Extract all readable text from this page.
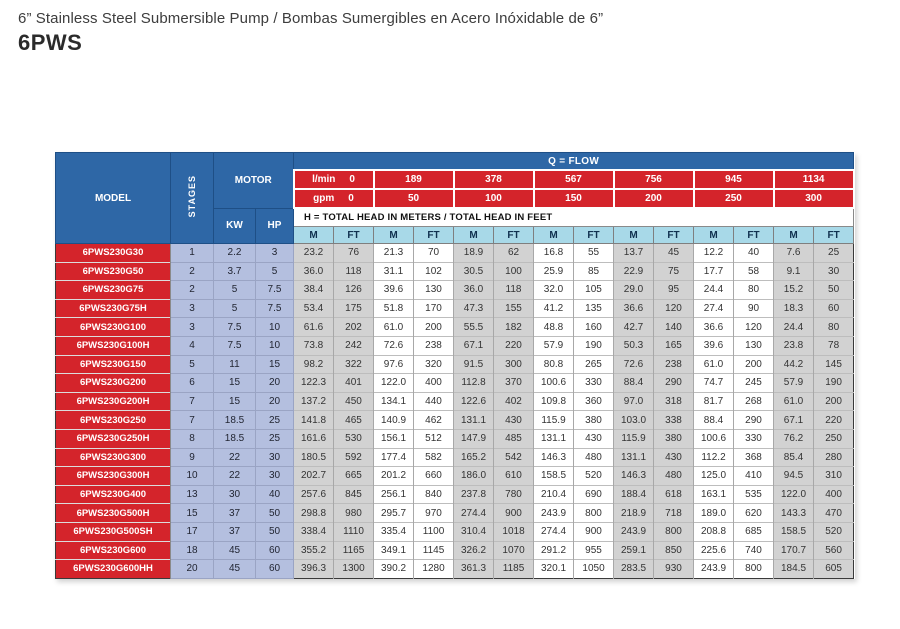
6” Stainless Steel Submersible Pump / Bombas Sumergibles en Acero Inóxidable de 6”
6PWS
MODEL	STAGES	MOTOR		Q = FLOW													

				l/min 0		189		378		567		756		945		1134	

				gpm 0		50		100		150		200		250		300	
		KW	HP	H = TOTAL HEAD IN METERS / TOTAL HEAD IN FEET													
				M	FT	M	FT	M	FT	M	FT	M	FT	M	FT	M	FT
6PWS230G30	1	2.2	3	23.2	76	21.3	70	18.9	62	16.8	55	13.7	45	12.2	40	7.6	25
6PWS230G50	2	3.7	5	36.0	118	31.1	102	30.5	100	25.9	85	22.9	75	17.7	58	9.1	30
6PWS230G75	2	5	7.5	38.4	126	39.6	130	36.0	118	32.0	105	29.0	95	24.4	80	15.2	50
6PWS230G75H	3	5	7.5	53.4	175	51.8	170	47.3	155	41.2	135	36.6	120	27.4	90	18.3	60
6PWS230G100	3	7.5	10	61.6	202	61.0	200	55.5	182	48.8	160	42.7	140	36.6	120	24.4	80
6PWS230G100H	4	7.5	10	73.8	242	72.6	238	67.1	220	57.9	190	50.3	165	39.6	130	23.8	78
6PWS230G150	5	11	15	98.2	322	97.6	320	91.5	300	80.8	265	72.6	238	61.0	200	44.2	145
6PWS230G200	6	15	20	122.3	401	122.0	400	112.8	370	100.6	330	88.4	290	74.7	245	57.9	190
6PWS230G200H	7	15	20	137.2	450	134.1	440	122.6	402	109.8	360	97.0	318	81.7	268	61.0	200
6PWS230G250	7	18.5	25	141.8	465	140.9	462	131.1	430	115.9	380	103.0	338	88.4	290	67.1	220
6PWS230G250H	8	18.5	25	161.6	530	156.1	512	147.9	485	131.1	430	115.9	380	100.6	330	76.2	250
6PWS230G300	9	22	30	180.5	592	177.4	582	165.2	542	146.3	480	131.1	430	112.2	368	85.4	280
6PWS230G300H	10	22	30	202.7	665	201.2	660	186.0	610	158.5	520	146.3	480	125.0	410	94.5	310
6PWS230G400	13	30	40	257.6	845	256.1	840	237.8	780	210.4	690	188.4	618	163.1	535	122.0	400
6PWS230G500H	15	37	50	298.8	980	295.7	970	274.4	900	243.9	800	218.9	718	189.0	620	143.3	470
6PWS230G500SH	17	37	50	338.4	1110	335.4	1100	310.4	1018	274.4	900	243.9	800	208.8	685	158.5	520
6PWS230G600	18	45	60	355.2	1165	349.1	1145	326.2	1070	291.2	955	259.1	850	225.6	740	170.7	560
6PWS230G600HH	20	45	60	396.3	1300	390.2	1280	361.3	1185	320.1	1050	283.5	930	243.9	800	184.5	605
